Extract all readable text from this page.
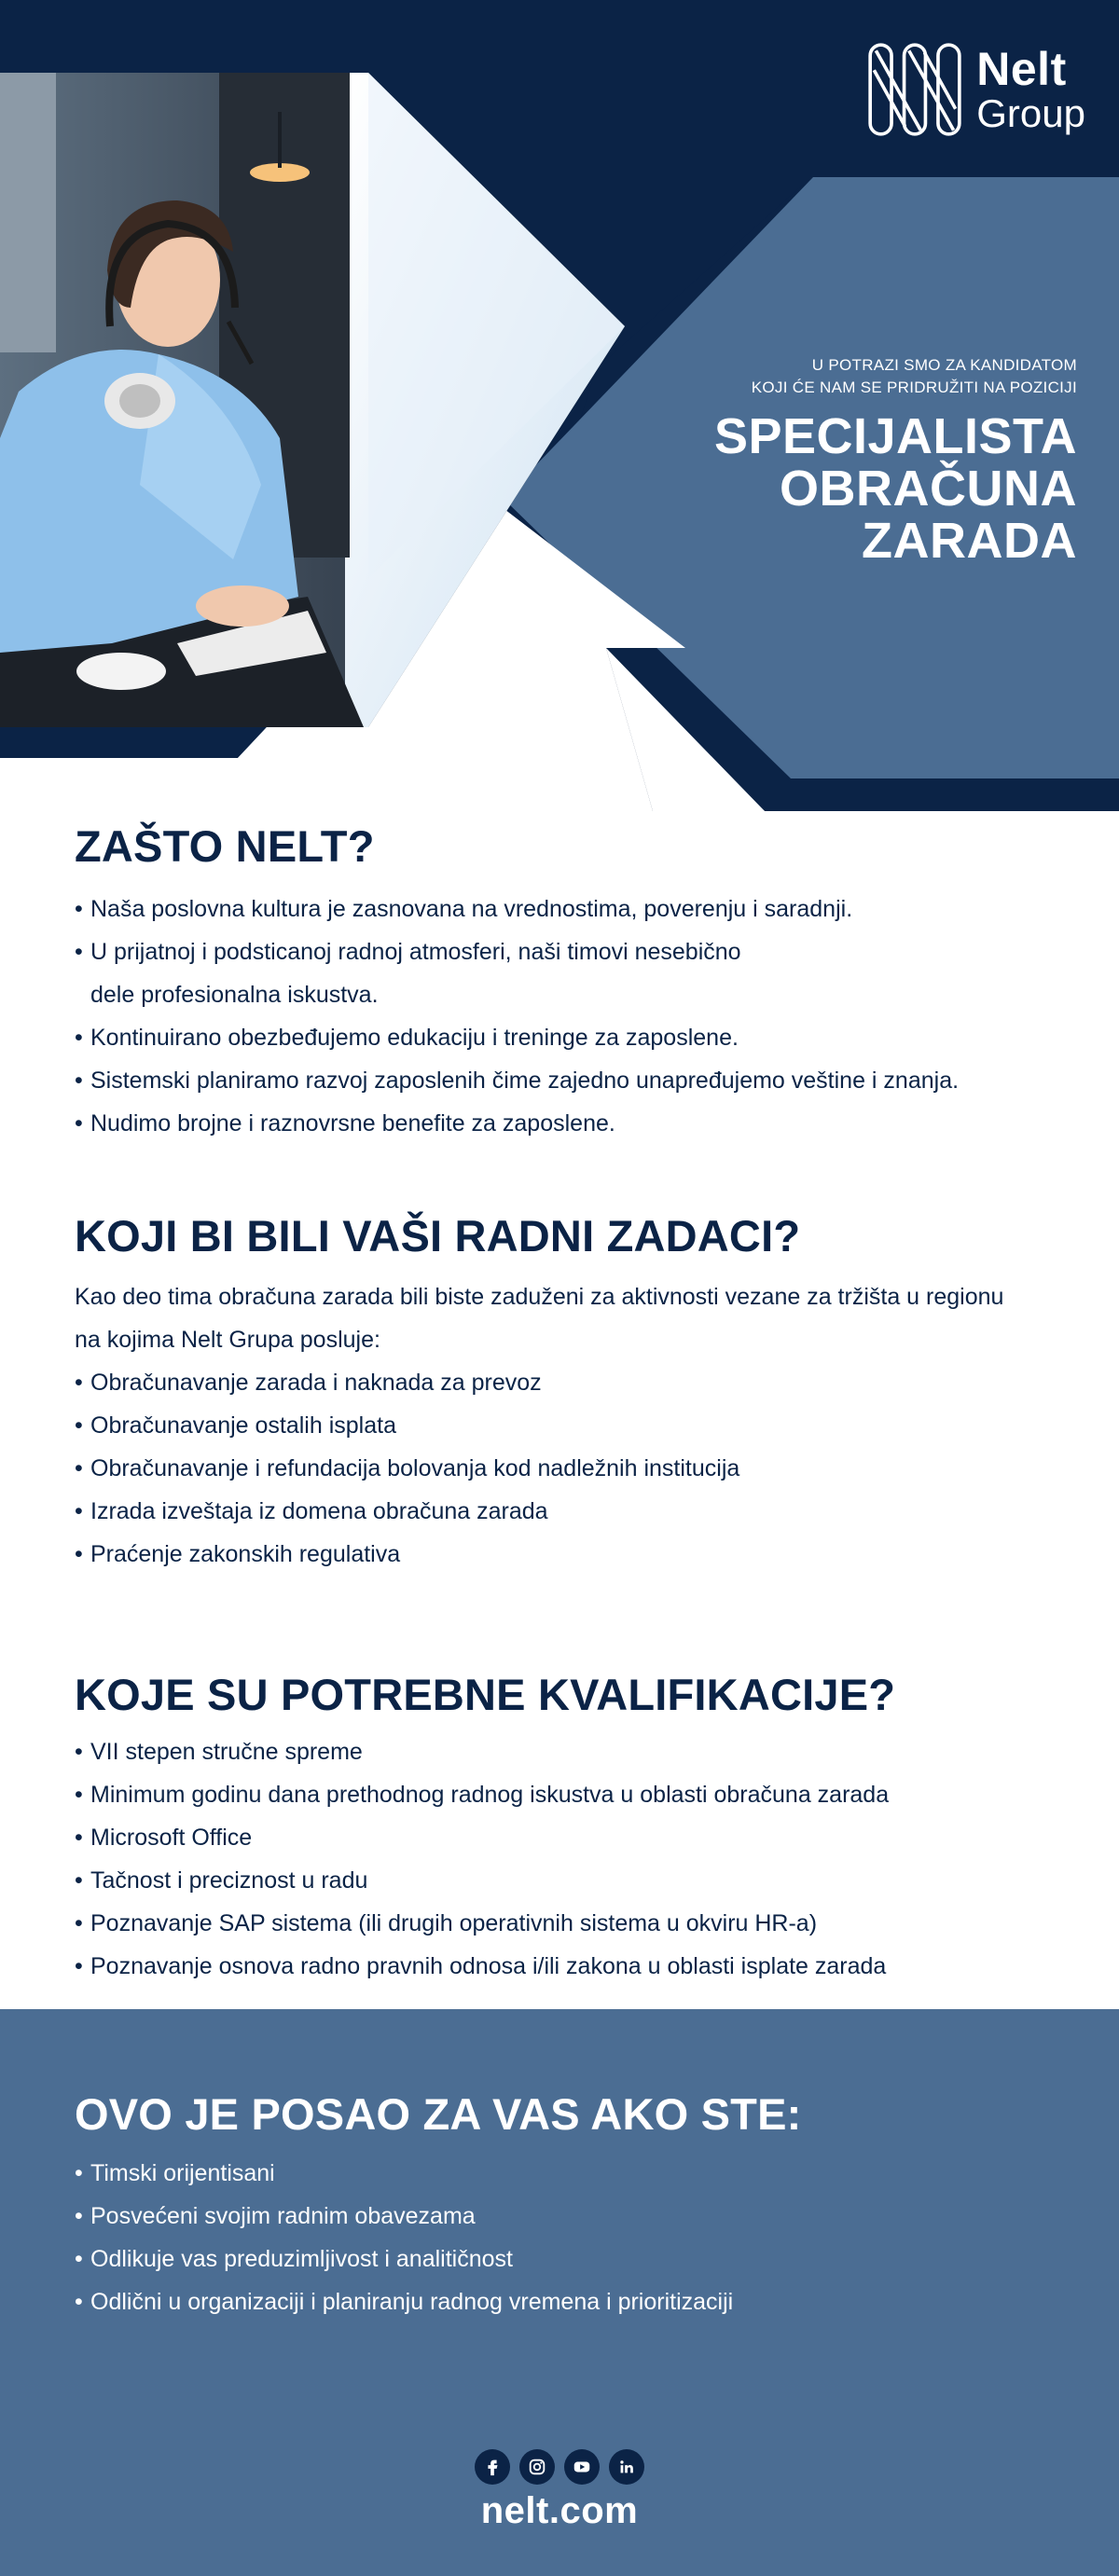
Nelt
Group
U POTRAZI SMO ZA KANDIDATOM
KOJI ĆE NAM SE PRIDRUŽITI NA POZICIJI
SPECIJALISTA
OBRAČUNA
ZARADA
ZAŠTO NELT?
• Naša poslovna kultura je zasnovana na vrednostima, poverenju i saradnji.
• U prijatnoj i podsticanoj radnoj atmosferi, naši timovi nesebično
dele profesionalna iskustva.
• Kontinuirano obezbeđujemo edukaciju i treninge za zaposlene.
• Sistemski planiramo razvoj zaposlenih čime zajedno unapređujemo veštine i znanja.
• Nudimo brojne i raznovrsne benefite za zaposlene.
KOJI BI BILI VAŠI RADNI ZADACI?

Kao deo tima obračuna zarada bili biste zaduženi za aktivnosti vezane za tržišta u regionu na kojima Nelt Grupa posluje:

• Obračunavanje zarada i naknada za prevoz
• Obračunavanje ostalih isplata
• Obračunavanje i refundacija bolovanja kod nadležnih institucija
• Izrada izveštaja iz domena obračuna zarada
• Praćenje zakonskih regulativa
KOJE SU POTREBNE KVALIFIKACIJE?
• VII stepen stručne spreme
• Minimum godinu dana prethodnog radnog iskustva u oblasti obračuna zarada
• Microsoft Office
• Tačnost i preciznost u radu
• Poznavanje SAP sistema (ili drugih operativnih sistema u okviru HR-a)
• Poznavanje osnova radno pravnih odnosa i/ili zakona u oblasti isplate zarada
OVO JE POSAO ZA VAS AKO STE:
• Timski orijentisani
• Posvećeni svojim radnim obavezama
• Odlikuje vas preduzimljivost i analitičnost
• Odlični u organizaciji i planiranju radnog vremena i prioritizaciji
nelt.com
